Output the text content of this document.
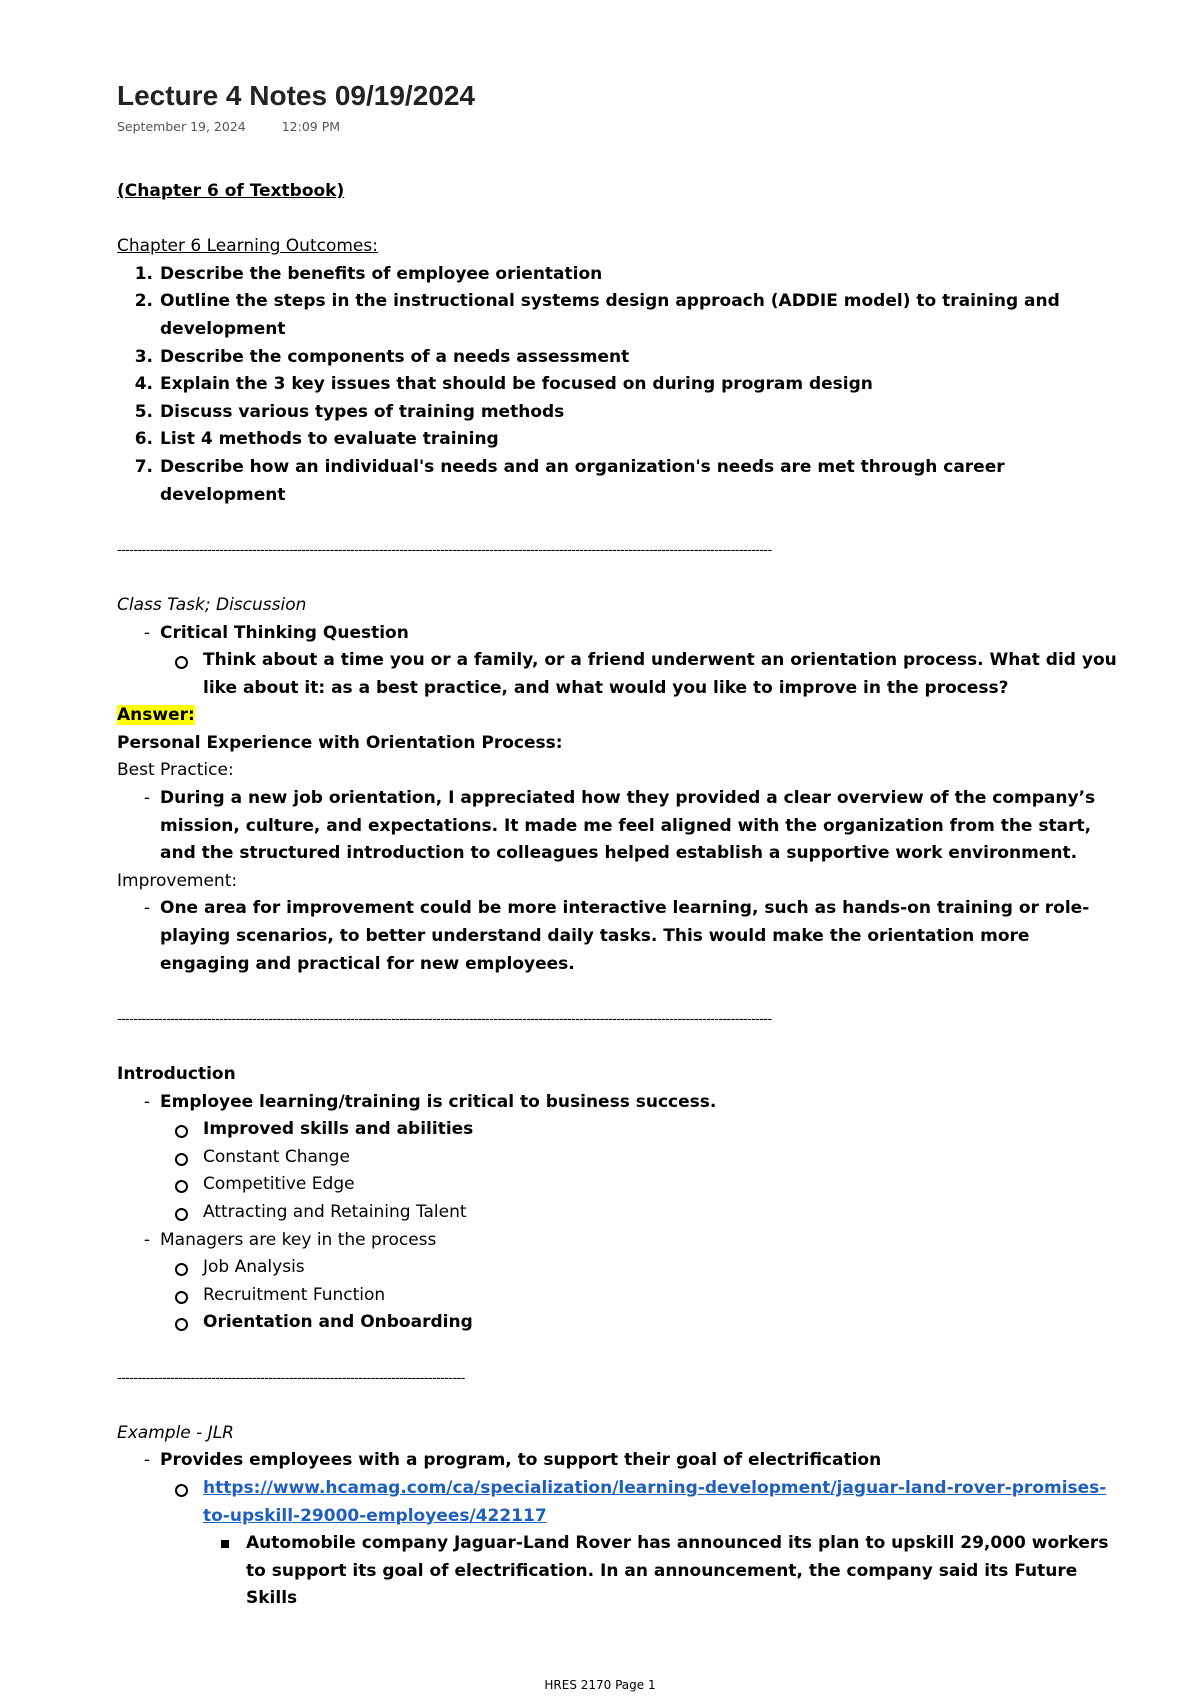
Lecture 4 Notes 09/19/2024
September 19, 2024	12:09 PM
(Chapter 6 of Textbook)
Chapter 6 Learning Outcomes:
1. Describe the benefits of employee orientation
2. Outline the steps in the instructional systems design approach (ADDIE model) to training and development
3. Describe the components of a needs assessment
4. Explain the 3 key issues that should be focused on during program design
5. Discuss various types of training methods
6. List 4 methods to evaluate training
7. Describe how an individual's needs and an organization's needs are met through career development
----------------------------------------------------------------------------------------------------------------------------------------------------------------
Class Task; Discussion
- Critical Thinking Question
Think about a time you or a family, or a friend underwent an orientation process. What did you like about it: as a best practice, and what would you like to improve in the process?
Answer:
Personal Experience with Orientation Process:
Best Practice:
- During a new job orientation, I appreciated how they provided a clear overview of the company’s mission, culture, and expectations. It made me feel aligned with the organization from the start, and the structured introduction to colleagues helped establish a supportive work environment.
Improvement:
- One area for improvement could be more interactive learning, such as hands-on training or role-playing scenarios, to better understand daily tasks. This would make the orientation more engaging and practical for new employees.
----------------------------------------------------------------------------------------------------------------------------------------------------------------
Introduction
- Employee learning/training is critical to business success.
Improved skills and abilities
Constant Change
Competitive Edge
Attracting and Retaining Talent
- Managers are key in the process
Job Analysis
Recruitment Function
Orientation and Onboarding
-------------------------------------------------------------------------------------
Example - JLR
- Provides employees with a program, to support their goal of electrification
https://www.hcamag.com/ca/specialization/learning-development/jaguar-land-rover-promises-
to-upskill-29000-employees/422117
Automobile company Jaguar-Land Rover has announced its plan to upskill 29,000 workers to support its goal of electrification. In an announcement, the company said its Future Skills
HRES 2170 Page 1
